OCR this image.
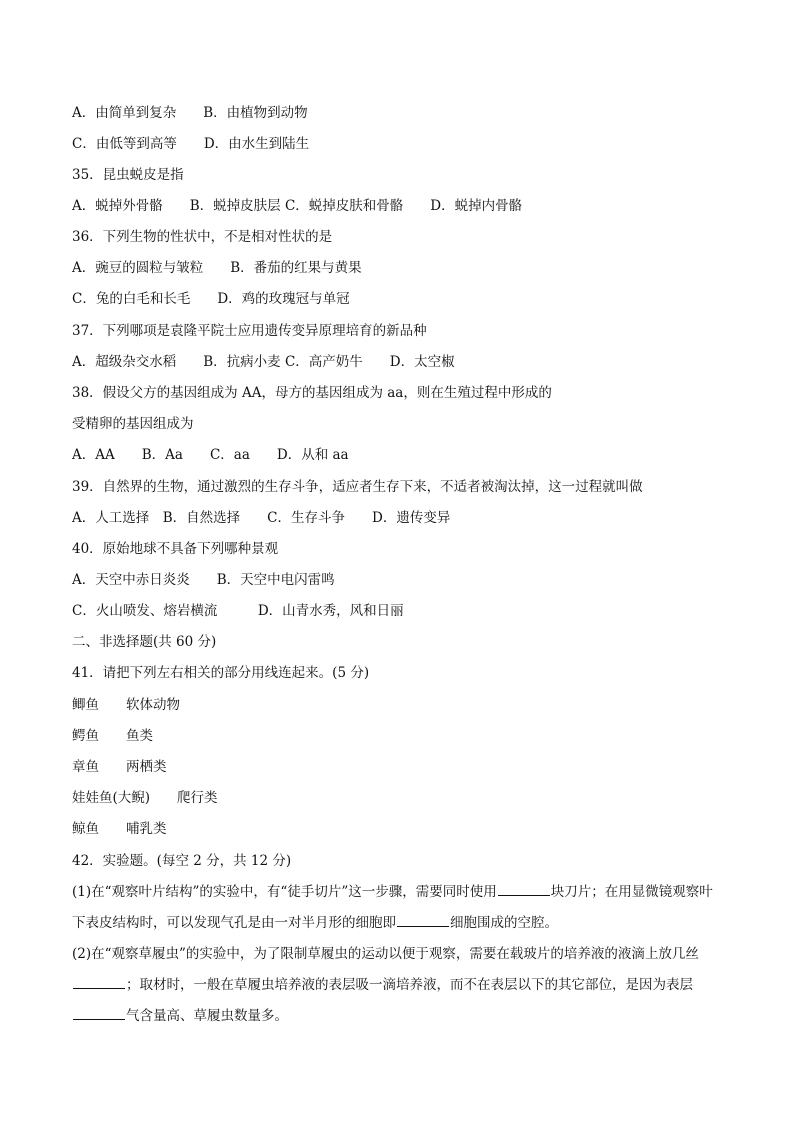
A．由简单到复杂　　B．由植物到动物
C．由低等到高等　　D．由水生到陆生
35．昆虫蜕皮是指
A．蜕掉外骨骼　　B．蜕掉皮肤层 C．蜕掉皮肤和骨骼　　D．蜕掉内骨骼
36．下列生物的性状中，不是相对性状的是
A．豌豆的圆粒与皱粒　　B．番茄的红果与黄果
C．兔的白毛和长毛　　D．鸡的玫瑰冠与单冠
37．下列哪项是袁隆平院士应用遗传变异原理培育的新品种
A．超级杂交水稻　　B．抗病小麦 C．高产奶牛　　D．太空椒
38．假设父方的基因组成为 AA，母方的基因组成为 aa，则在生殖过程中形成的
受精卵的基因组成为
A．AA　　B．Aa　　C．aa　　D．从和 aa
39．自然界的生物，通过激烈的生存斗争，适应者生存下来，不适者被淘汰掉，这一过程就叫做
A．人工选择　B．自然选择　　C．生存斗争　　D．遗传变异
40．原始地球不具备下列哪种景观
A．天空中赤日炎炎　　B．天空中电闪雷鸣
C．火山喷发、熔岩横流　　　D．山青水秀，风和日丽
二、非选择题(共 60 分)
41．请把下列左右相关的部分用线连起来。(5 分)
鲫鱼　　软体动物
鳄鱼　　鱼类
章鱼　　两栖类
娃娃鱼(大鲵)　　爬行类
鲸鱼　　哺乳类
42．实验题。(每空 2 分，共 12 分)
(1)在“观察叶片结构”的实验中，有“徒手切片”这一步骤，需要同时使用	块刀片；在用显微镜观察叶下表皮结构时，可以发现气孔是由一对半月形的细胞即	细胞围成的空腔。
(2)在“观察草履虫”的实验中，为了限制草履虫的运动以便于观察，需要在载玻片的培养液的液滴上放几丝；取材时，一般在草履虫培养液的表层吸一滴培养液，而不在表层以下的其它部位，是因为表层气含量高、草履虫数量多。
